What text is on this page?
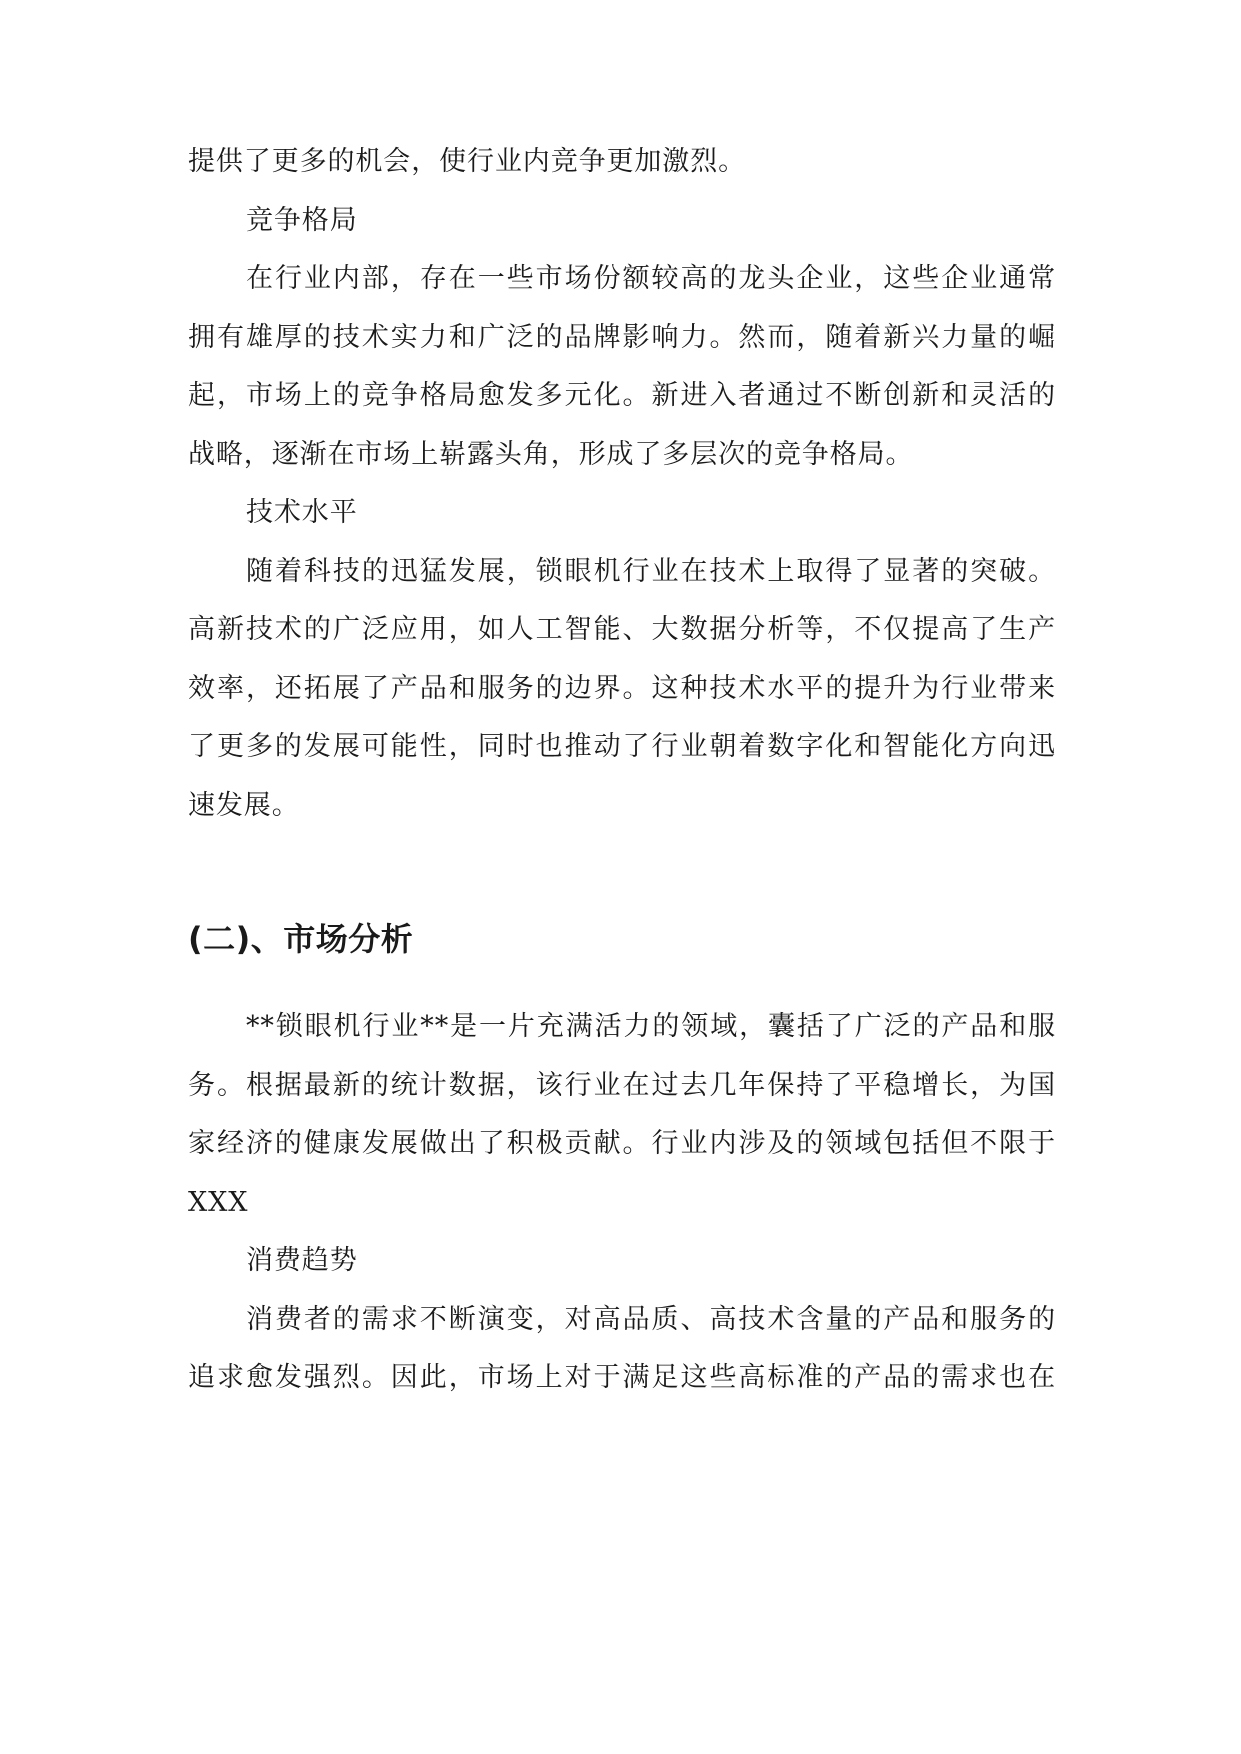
提供了更多的机会，使行业内竞争更加激烈。
竞争格局
在行业内部，存在一些市场份额较高的龙头企业，这些企业通常
拥有雄厚的技术实力和广泛的品牌影响力。然而，随着新兴力量的崛
起，市场上的竞争格局愈发多元化。新进入者通过不断创新和灵活的
战略，逐渐在市场上崭露头角，形成了多层次的竞争格局。
技术水平
随着科技的迅猛发展，锁眼机行业在技术上取得了显著的突破。
高新技术的广泛应用，如人工智能、大数据分析等，不仅提高了生产
效率，还拓展了产品和服务的边界。这种技术水平的提升为行业带来
了更多的发展可能性，同时也推动了行业朝着数字化和智能化方向迅
速发展。
(二)、市场分析
**锁眼机行业**是一片充满活力的领域，囊括了广泛的产品和服
务。根据最新的统计数据，该行业在过去几年保持了平稳增长，为国
家经济的健康发展做出了积极贡献。行业内涉及的领域包括但不限于
XXX
消费趋势
消费者的需求不断演变，对高品质、高技术含量的产品和服务的
追求愈发强烈。因此，市场上对于满足这些高标准的产品的需求也在
